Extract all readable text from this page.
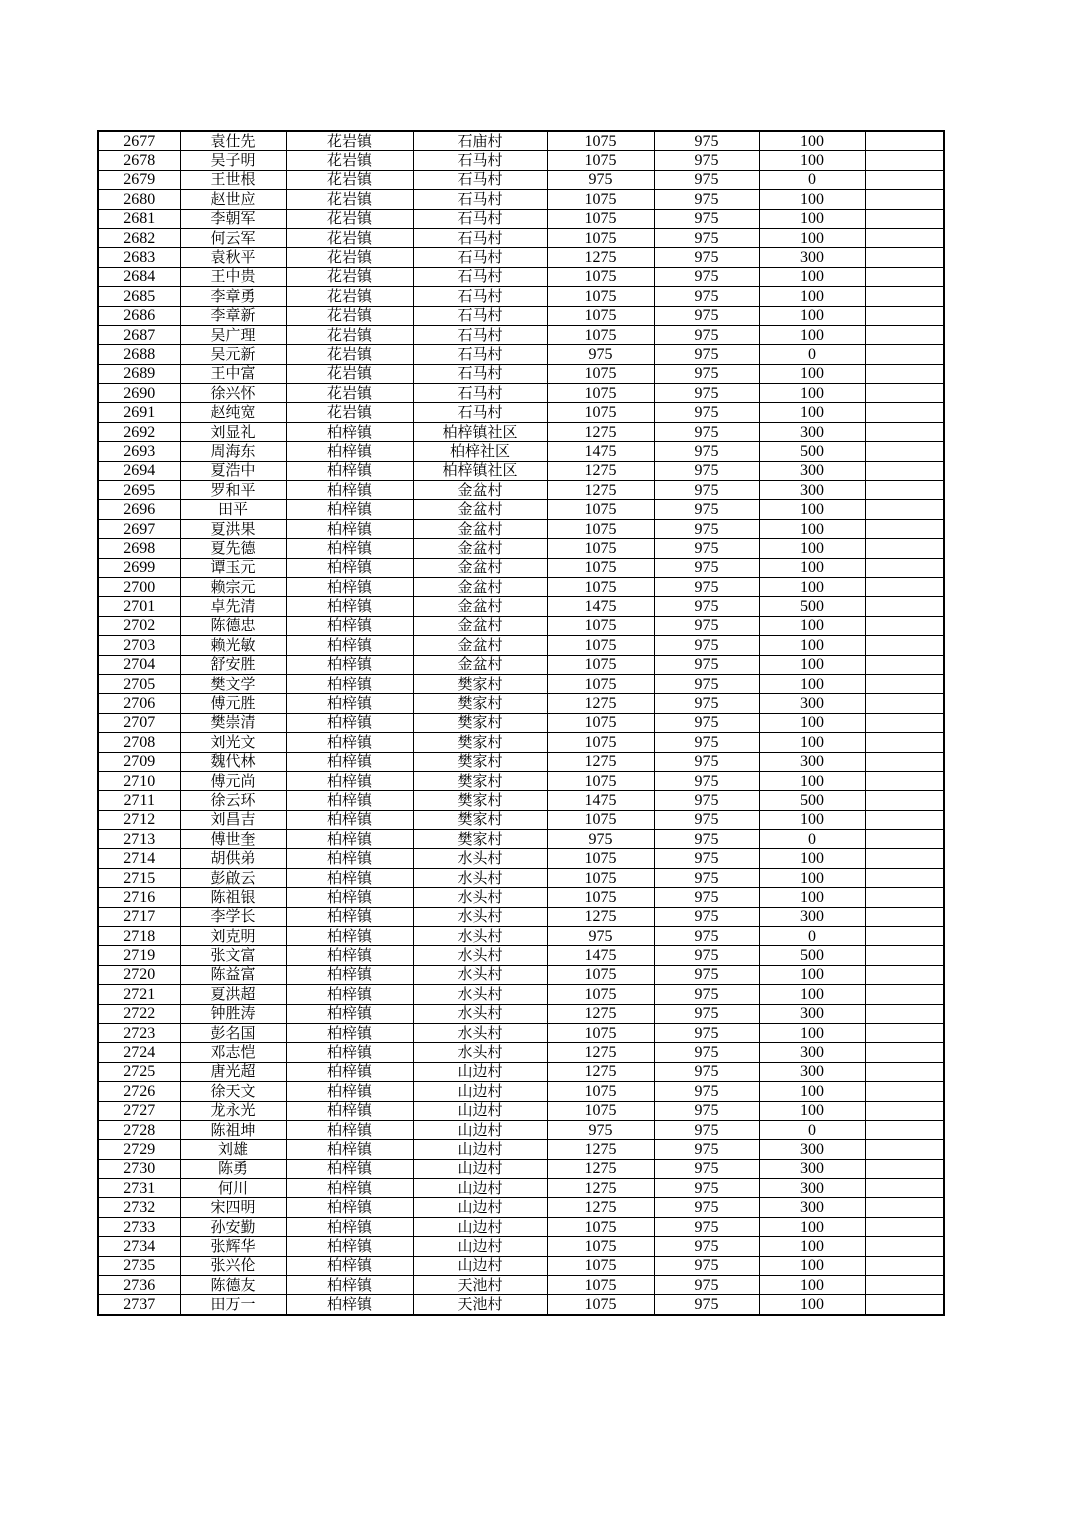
2677	袁仕先	花岩镇	石庙村	1075	975	100	
2678	吴子明	花岩镇	石马村	1075	975	100	
2679	王世根	花岩镇	石马村	975	975	0	
2680	赵世应	花岩镇	石马村	1075	975	100	
2681	李朝军	花岩镇	石马村	1075	975	100	
2682	何云军	花岩镇	石马村	1075	975	100	
2683	袁秋平	花岩镇	石马村	1275	975	300	
2684	王中贵	花岩镇	石马村	1075	975	100	
2685	李章勇	花岩镇	石马村	1075	975	100	
2686	李章新	花岩镇	石马村	1075	975	100	
2687	吴广理	花岩镇	石马村	1075	975	100	
2688	吴元新	花岩镇	石马村	975	975	0	
2689	王中富	花岩镇	石马村	1075	975	100	
2690	徐兴怀	花岩镇	石马村	1075	975	100	
2691	赵纯宽	花岩镇	石马村	1075	975	100	
2692	刘显礼	柏梓镇	柏梓镇社区	1275	975	300	
2693	周海东	柏梓镇	柏梓社区	1475	975	500	
2694	夏浩中	柏梓镇	柏梓镇社区	1275	975	300	
2695	罗和平	柏梓镇	金盆村	1275	975	300	
2696	田平	柏梓镇	金盆村	1075	975	100	
2697	夏洪果	柏梓镇	金盆村	1075	975	100	
2698	夏先德	柏梓镇	金盆村	1075	975	100	
2699	谭玉元	柏梓镇	金盆村	1075	975	100	
2700	赖宗元	柏梓镇	金盆村	1075	975	100	
2701	卓先清	柏梓镇	金盆村	1475	975	500	
2702	陈德忠	柏梓镇	金盆村	1075	975	100	
2703	赖光敏	柏梓镇	金盆村	1075	975	100	
2704	舒安胜	柏梓镇	金盆村	1075	975	100	
2705	樊文学	柏梓镇	樊家村	1075	975	100	
2706	傅元胜	柏梓镇	樊家村	1275	975	300	
2707	樊崇清	柏梓镇	樊家村	1075	975	100	
2708	刘光文	柏梓镇	樊家村	1075	975	100	
2709	魏代林	柏梓镇	樊家村	1275	975	300	
2710	傅元尚	柏梓镇	樊家村	1075	975	100	
2711	徐云环	柏梓镇	樊家村	1475	975	500	
2712	刘昌吉	柏梓镇	樊家村	1075	975	100	
2713	傅世奎	柏梓镇	樊家村	975	975	0	
2714	胡供弟	柏梓镇	水头村	1075	975	100	
2715	彭啟云	柏梓镇	水头村	1075	975	100	
2716	陈祖银	柏梓镇	水头村	1075	975	100	
2717	李学长	柏梓镇	水头村	1275	975	300	
2718	刘克明	柏梓镇	水头村	975	975	0	
2719	张文富	柏梓镇	水头村	1475	975	500	
2720	陈益富	柏梓镇	水头村	1075	975	100	
2721	夏洪超	柏梓镇	水头村	1075	975	100	
2722	钟胜涛	柏梓镇	水头村	1275	975	300	
2723	彭名国	柏梓镇	水头村	1075	975	100	
2724	邓志恺	柏梓镇	水头村	1275	975	300	
2725	唐光超	柏梓镇	山边村	1275	975	300	
2726	徐天文	柏梓镇	山边村	1075	975	100	
2727	龙永光	柏梓镇	山边村	1075	975	100	
2728	陈祖坤	柏梓镇	山边村	975	975	0	
2729	刘雄	柏梓镇	山边村	1275	975	300	
2730	陈勇	柏梓镇	山边村	1275	975	300	
2731	何川	柏梓镇	山边村	1275	975	300	
2732	宋四明	柏梓镇	山边村	1275	975	300	
2733	孙安勤	柏梓镇	山边村	1075	975	100	
2734	张辉华	柏梓镇	山边村	1075	975	100	
2735	张兴伦	柏梓镇	山边村	1075	975	100	
2736	陈德友	柏梓镇	天池村	1075	975	100	
2737	田万一	柏梓镇	天池村	1075	975	100	
